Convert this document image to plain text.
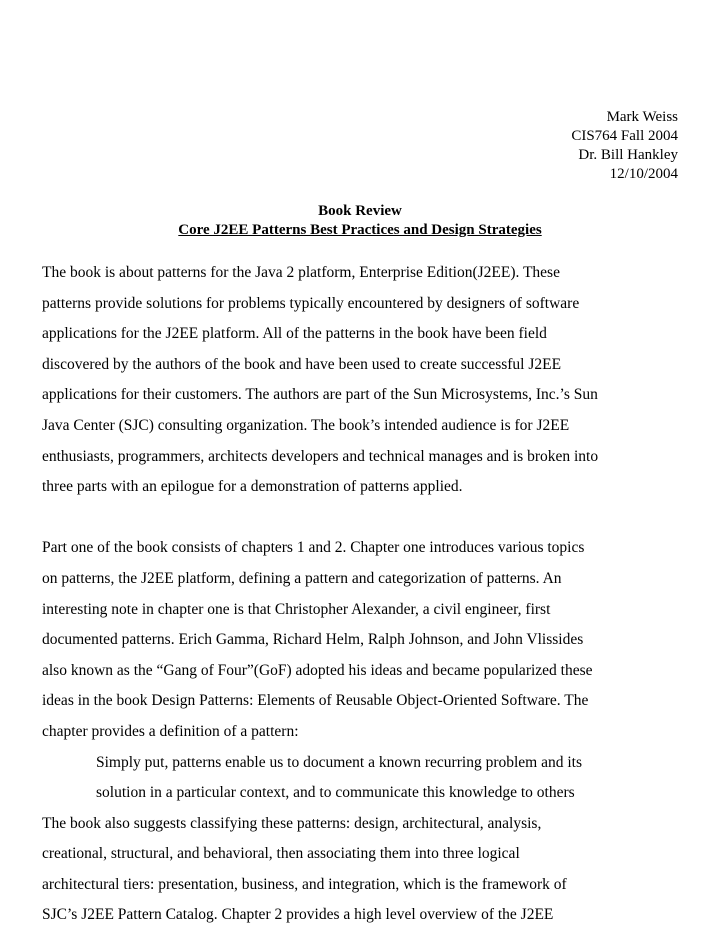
Mark Weiss
CIS764 Fall 2004
Dr. Bill Hankley
12/10/2004
Book Review
Core J2EE Patterns Best Practices and Design Strategies
The book is about patterns for the Java 2 platform, Enterprise Edition(J2EE). These
patterns provide solutions for problems typically encountered by designers of software
applications for the J2EE platform. All of the patterns in the book have been field
discovered by the authors of the book and have been used to create successful J2EE
applications for their customers. The authors are part of the Sun Microsystems, Inc.’s Sun
Java Center (SJC) consulting organization. The book’s intended audience is for J2EE
enthusiasts, programmers, architects developers and technical manages and is broken into
three parts with an epilogue for a demonstration of patterns applied.
Part one of the book consists of chapters 1 and 2. Chapter one introduces various topics
on patterns, the J2EE platform, defining a pattern and categorization of patterns. An
interesting note in chapter one is that Christopher Alexander, a civil engineer, first
documented patterns. Erich Gamma, Richard Helm, Ralph Johnson, and John Vlissides
also known as the “Gang of Four”(GoF) adopted his ideas and became popularized these
ideas in the book Design Patterns: Elements of Reusable Object-Oriented Software. The
chapter provides a definition of a pattern:
Simply put, patterns enable us to document a known recurring problem and its
solution in a particular context, and to communicate this knowledge to others
The book also suggests classifying these patterns: design, architectural, analysis,
creational, structural, and behavioral, then associating them into three logical
architectural tiers: presentation, business, and integration, which is the framework of
SJC’s J2EE Pattern Catalog. Chapter 2 provides a high level overview of the J2EE
